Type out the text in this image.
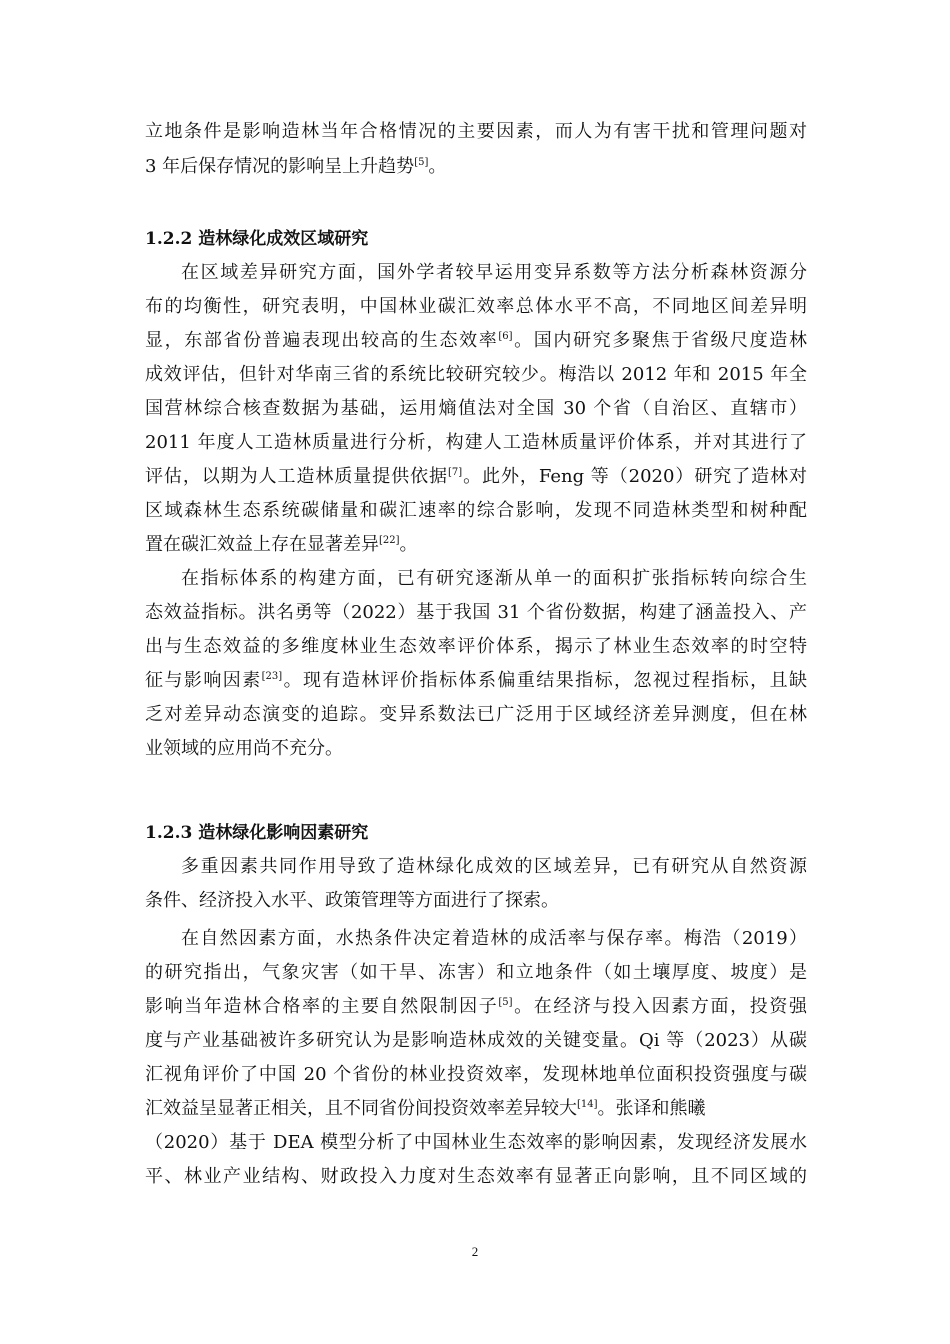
立地条件是影响造林当年合格情况的主要因素，而人为有害干扰和管理问题对
3 年后保存情况的影响呈上升趋势[5]。
1.2.2 造林绿化成效区域研究
在区域差异研究方面，国外学者较早运用变异系数等方法分析森林资源分
布的均衡性，研究表明，中国林业碳汇效率总体水平不高，不同地区间差异明
显，东部省份普遍表现出较高的生态效率[6]。国内研究多聚焦于省级尺度造林
成效评估，但针对华南三省的系统比较研究较少。梅浩以 2012 年和 2015 年全
国营林综合核查数据为基础，运用熵值法对全国 30 个省（自治区、直辖市）
2011 年度人工造林质量进行分析，构建人工造林质量评价体系，并对其进行了
评估，以期为人工造林质量提供依据[7]。此外，Feng 等（2020）研究了造林对
区域森林生态系统碳储量和碳汇速率的综合影响，发现不同造林类型和树种配
置在碳汇效益上存在显著差异[22]。
在指标体系的构建方面，已有研究逐渐从单一的面积扩张指标转向综合生
态效益指标。洪名勇等（2022）基于我国 31 个省份数据，构建了涵盖投入、产
出与生态效益的多维度林业生态效率评价体系，揭示了林业生态效率的时空特
征与影响因素[23]。现有造林评价指标体系偏重结果指标，忽视过程指标，且缺
乏对差异动态演变的追踪。变异系数法已广泛用于区域经济差异测度，但在林
业领域的应用尚不充分。
1.2.3 造林绿化影响因素研究
多重因素共同作用导致了造林绿化成效的区域差异，已有研究从自然资源
条件、经济投入水平、政策管理等方面进行了探索。
在自然因素方面，水热条件决定着造林的成活率与保存率。梅浩（2019）
的研究指出，气象灾害（如干旱、冻害）和立地条件（如土壤厚度、坡度）是
影响当年造林合格率的主要自然限制因子[5]。在经济与投入因素方面，投资强
度与产业基础被许多研究认为是影响造林成效的关键变量。Qi 等（2023）从碳
汇视角评价了中国 20 个省份的林业投资效率，发现林地单位面积投资强度与碳
汇效益呈显著正相关，且不同省份间投资效率差异较大[14]。张译和熊曦
（2020）基于 DEA 模型分析了中国林业生态效率的影响因素，发现经济发展水
平、林业产业结构、财政投入力度对生态效率有显著正向影响，且不同区域的
2
